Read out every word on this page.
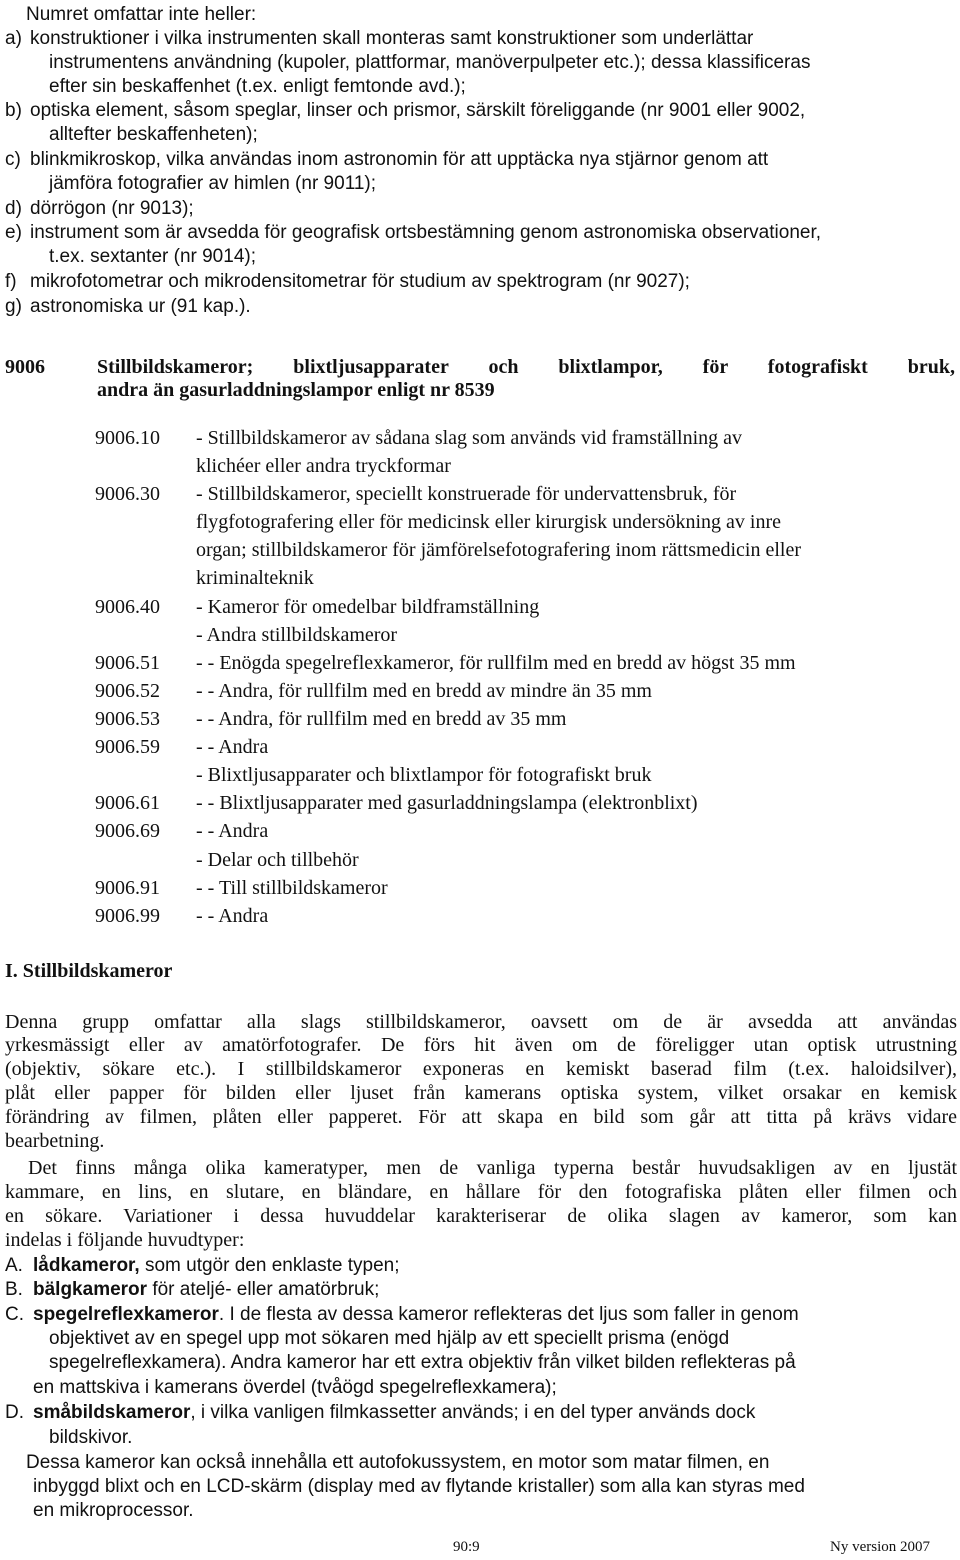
Numret omfattar inte heller:
a) konstruktioner i vilka instrumenten skall monteras samt konstruktioner som underlättar
instrumentens användning (kupoler, plattformar, manöverpulpeter etc.); dessa klassificeras
efter sin beskaffenhet (t.ex. enligt femtonde avd.);
b) optiska element, såsom speglar, linser och prismor, särskilt föreliggande (nr 9001 eller 9002,
alltefter beskaffenheten);
c) blinkmikroskop, vilka användas inom astronomin för att upptäcka nya stjärnor genom att
jämföra fotografier av himlen (nr 9011);
d) dörrögon (nr 9013);
e) instrument som är avsedda för geografisk ortsbestämning genom astronomiska observationer,
t.ex. sextanter (nr 9014);
f) mikrofotometrar och mikrodensitometrar för studium av spektrogram (nr 9027);
g) astronomiska ur (91 kap.).
9006	Stillbildskameror; blixtljusapparater och blixtlampor, för fotografiskt bruk,
andra än gasurladdningslampor enligt nr 8539
9006.10 - Stillbildskameror av sådana slag som används vid framställning av
klichéer eller andra tryckformar
9006.30 - Stillbildskameror, speciellt konstruerade för undervattensbruk, för
flygfotografering eller för medicinsk eller kirurgisk undersökning av inre
organ; stillbildskameror för jämförelsefotografering inom rättsmedicin eller
kriminalteknik
9006.40 - Kameror för omedelbar bildframställning
- Andra stillbildskameror
9006.51 - - Enögda spegelreflexkameror, för rullfilm med en bredd av högst 35 mm
9006.52 - - Andra, för rullfilm med en bredd av mindre än 35 mm
9006.53 - - Andra, för rullfilm med en bredd av 35 mm
9006.59 - - Andra
- Blixtljusapparater och blixtlampor för fotografiskt bruk
9006.61 - - Blixtljusapparater med gasurladdningslampa (elektronblixt)
9006.69 - - Andra
- Delar och tillbehör
9006.91 - - Till stillbildskameror
9006.99 - - Andra
I. Stillbildskameror
Denna grupp omfattar alla slags stillbildskameror, oavsett om de är avsedda att användas
yrkesmässigt eller av amatörfotografer. De förs hit även om de föreligger utan optisk utrustning
(objektiv, sökare etc.). I stillbildskameror exponeras en kemiskt baserad film (t.ex. haloidsilver),
plåt eller papper för bilden eller ljuset från kamerans optiska system, vilket orsakar en kemisk
förändring av filmen, plåten eller papperet. För att skapa en bild som går att titta på krävs vidare
bearbetning.
Det finns många olika kameratyper, men de vanliga typerna består huvudsakligen av en ljustät
kammare, en lins, en slutare, en bländare, en hållare för den fotografiska plåten eller filmen och
en sökare. Variationer i dessa huvuddelar karakteriserar de olika slagen av kameror, som kan
indelas i följande huvudtyper:
A. lådkameror, som utgör den enklaste typen;
B. bälgkameror för ateljé- eller amatörbruk;
C. spegelreflexkameror. I de flesta av dessa kameror reflekteras det ljus som faller in genom
objektivet av en spegel upp mot sökaren med hjälp av ett speciellt prisma (enögd
spegelreflexkamera). Andra kameror har ett extra objektiv från vilket bilden reflekteras på
en mattskiva i kamerans överdel (tvåögd spegelreflexkamera);
D. småbildskameror, i vilka vanligen filmkassetter används; i en del typer används dock
bildskivor.
Dessa kameror kan också innehålla ett autofokussystem, en motor som matar filmen, en
inbyggd blixt och en LCD-skärm (display med av flytande kristaller) som alla kan styras med
en mikroprocessor.
90:9	Ny version 2007
